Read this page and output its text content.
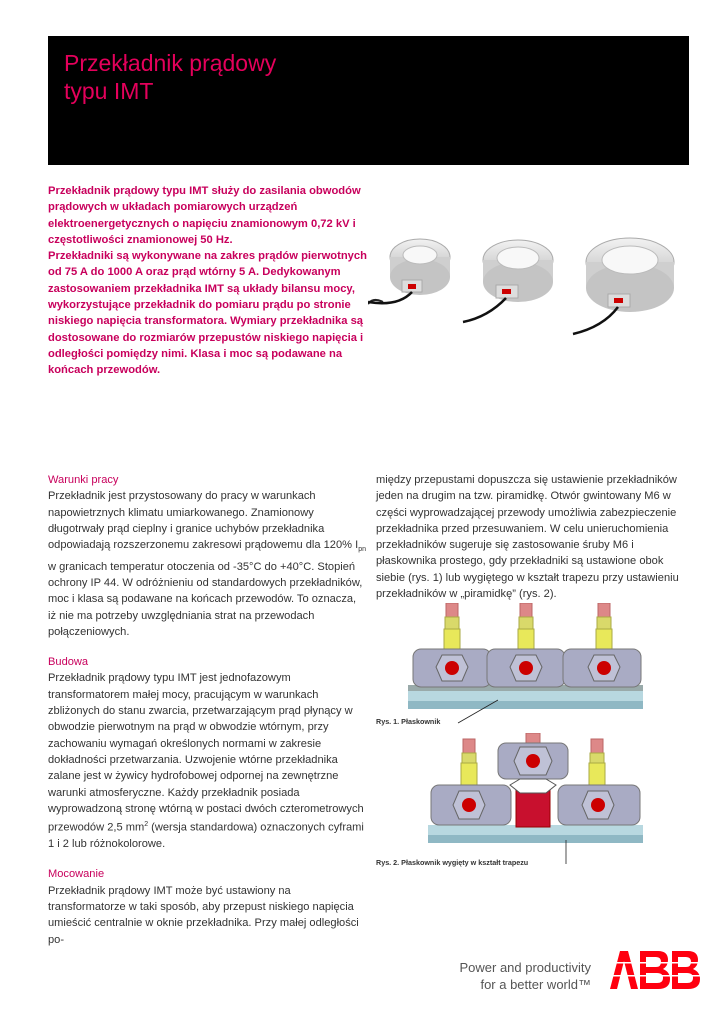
Przekładnik prądowy
typu IMT

Przekładnik prądowy typu IMT służy do zasilania obwodów prądowych w układach pomiarowych urządzeń elektroenergetycznych o napięciu znamionowym 0,72 kV i częstotliwości znamionowej 50 Hz.

Przekładniki są wykonywane na zakres prądów pierwotnych od 75 A do 1000 A oraz prąd wtórny 5 A. Dedykowanym zastosowaniem przekładnika IMT są układy bilansu mocy, wykorzystujące przekładnik do pomiaru prądu po stronie niskiego napięcia transformatora. Wymiary przekładnika są dostosowane do rozmiarów przepustów niskiego napięcia i odległości pomiędzy nimi. Klasa i moc są podawane na końcach przewodów.

Warunki pracy

Przekładnik jest przystosowany do pracy w warunkach napowietrznych klimatu umiarkowanego. Znamionowy długotrwały prąd cieplny i granice uchybów przekładnika odpowiadają rozszerzonemu zakresowi prądowemu dla 120% $I_{pn}$ w granicach temperatur otoczenia od -35°C do +40°C. Stopień ochrony IP 44. W odróżnieniu od standardowych przekładników, moc i klasa są podawane na końcach przewodów. To oznacza, iż nie ma potrzeby uwzględniania strat na przewodach połączeniowych.

Budowa

Przekładnik prądowy typu IMT jest jednofazowym transformatorem małej mocy, pracującym w warunkach zbliżonych do stanu zwarcia, przetwarzającym prąd płynący w obwodzie pierwotnym na prąd w obwodzie wtórnym, przy zachowaniu wymagań określonych normami w zakresie dokładności przetwarzania. Uzwojenie wtórne przekładnika zalane jest w żywicy hydrofobowej odpornej na zewnętrzne warunki atmosferyczne. Każdy przekładnik posiada wyprowadzoną stronę wtórną w postaci dwóch czterometrowych przewodów 2,5 $mm^2$ (wersja standardowa) oznaczonych cyframi 1 i 2 lub różnokolorowe.

Mocowanie

Przekładnik prądowy IMT może być ustawiony na transformatorze w taki sposób, aby przepust niskiego napięcia umieścić centralnie w oknie przekładnika. Przy małej odległości po-

między przepustami dopuszcza się ustawienie przekładników jeden na drugim na tzw. piramidkę. Otwór gwintowany M6 w części wyprowadzającej przewody umożliwia zabezpieczenie przekładnika przed przesuwaniem. W celu unieruchomienia przekładników sugeruje się zastosowanie śruby M6 i płaskownika prostego, gdy przekładniki są ustawione obok siebie (rys. 1) lub wygiętego w kształt trapezu przy ustawieniu przekładników w „piramidkę” (rys. 2).

Rys. 1. Płaskownik
Rys. 2. Płaskownik wygięty w kształt trapezu
Power and productivity
for a better world™
